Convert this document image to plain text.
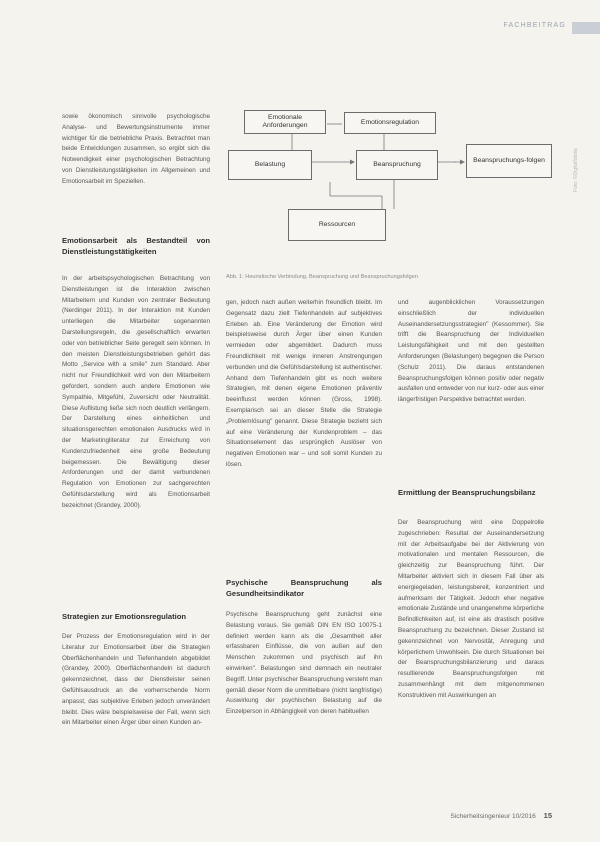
FACHBEITRAG
Foto: ©Digitalfotolia

sowie ökonomisch sinnvolle psychologische Analyse- und Bewertungsinstrumente immer wichtiger für die betriebliche Praxis. Betrachtet man beide Entwicklungen zusammen, so ergibt sich die Notwendigkeit einer psychologischen Betrachtung von Dienstleistungstätigkeiten im Allgemeinen und Emotionsarbeit im Speziellen.

Emotionsarbeit als Bestandteil von Dienstleistungstätigkeiten

In der arbeitspsychologischen Betrachtung von Dienstleistungen ist die Interaktion zwischen Mitarbeitern und Kunden von zentraler Bedeutung (Nerdinger 2011). In der Interaktion mit Kunden unterliegen die Mitarbeiter sogenannten Darstellungsregeln, die ‚gesellschaftlich erwarten oder von betrieblicher Seite geregelt sein können. In den meisten Dienstleistungsbetrieben gehört das Motto „Service with a smile" zum Standard. Aber nicht nur Freundlichkeit wird von den Mitarbeitern gefordert, sondern auch andere Emotionen wie Sympathie, Mitgefühl, Zuversicht oder Neutralität. Diese Auflistung ließe sich noch deutlich verlängern. Der Darstellung eines einheitlichen und situationsgerechten emotionalen Ausdrucks wird in der Marketingliteratur zur Erreichung von Kundenzufriedenheit eine große Bedeutung beigemessen. Die Bewältigung dieser Anforderungen und der damit verbundenen Regulation von Emotionen zur sachgerechten Gefühlsdarstellung wird als Emotionsarbeit bezeichnet (Grandey, 2000).

Strategien zur Emotionsregulation

Der Prozess der Emotionsregulation wird in der Literatur zur Emotionsarbeit über die Strategien Oberflächenhandeln und Tiefenhandeln abgebildet (Grandey, 2000). Oberflächenhandeln ist dadurch gekennzeichnet, dass der Dienstleister seinen Gefühlsausdruck an die vorherrschende Norm anpasst, das subjektive Erleben jedoch unverändert bleibt. Dies wäre beispielsweise der Fall, wenn sich ein Mitarbeiter einen Ärger über einen Kunden an-

Emotionale Anforderungen	Emotionsregulation
Belastung	Beanspruchung
Beanspruchungs-folgen
Ressourcen
Abb. 1: Heuristische Verbindung, Beanspruchung und Beanspruchungsfolgen

gen, jedoch nach außen weiterhin freundlich bleibt. Im Gegensatz dazu zielt Tiefenhandeln auf subjektives Erleben ab. Eine Veränderung der Emotion wird beispielsweise durch Ärger über einen Kunden vermieden oder abgemildert. Dadurch muss Freundlichkeit mit wenige inneren Anstrengungen verbunden und die Gefühlsdarstellung ist authentischer. Anhand dem Tiefenhandeln gibt es noch weitere Strategien, mit denen eigene Emotionen präventiv beeinflusst werden können (Gross, 1998). Exemplarisch sei an dieser Stelle die Strategie „Problemlösung" genannt. Diese Strategie bezieht sich auf eine Veränderung der Kundenproblem – das Situationselement das ursprünglich Auslöser von negativen Emotionen war – und soll somit Kunden zu lösen.

Psychische Beanspruchung als Gesundheitsindikator

Psychische Beanspruchung geht zunächst eine Belastung voraus. Sie gemäß DIN EN ISO 10075-1 definiert werden kann als die „Gesamtheit aller erfassbaren Einflüsse, die von außen auf den Menschen zukommen und psychisch auf ihn einwirken". Belastungen sind demnach ein neutraler Begriff. Unter psychischer Beanspruchung versteht man gemäß dieser Norm die unmittelbare (nicht langfristige) Auswirkung der psychischen Belastung auf die Einzelperson in Abhängigkeit von deren habituellen

und augenblicklichen Voraussetzungen einschließlich der individuellen Auseinandersetzungsstrategien" (Kessommer). Sie trifft die Beanspruchung der Individuellen Leistungsfähigkeit und mit den gestellten Anforderungen (Belastungen) begegnen die Person (Schulz 2011). Die daraus entstandenen Beanspruchungsfolgen können positiv oder negativ ausfallen und entweder von nur kurz- oder aus einer längerfristigen Perspektive betrachtet werden.

Ermittlung der Beanspruchungsbilanz

Der Beanspruchung wird eine Doppelrolle zugeschrieben: Resultat der Auseinandersetzung mit der Arbeitsaufgabe bei der Aktivierung von motivationalen und mentalen Ressourcen, die gleichzeitig zur Beanspruchung führt. Der Mitarbeiter aktiviert sich in diesem Fall über als energiegeladen, leistungsbereit, konzentriert und aufmerksam der Tätigkeit. Jedoch eher negative emotionale Zustände und unangenehme körperliche Befindlichkeiten auf, ist eine als drastisch positive Beanspruchung zu bezeichnen. Dieser Zustand ist gekennzeichnet von Nervosität, Anregung und körperlichem Unwohlsein. Die durch Situationen bei der Beanspruchungsbilanzierung und daraus resultierende Beanspruchungsfolgen mit zusammenhängt mit dem mitgenommenen Konstruktiven mit Auswirkungen an

Sicherheitsingenieur 10/2016 15
